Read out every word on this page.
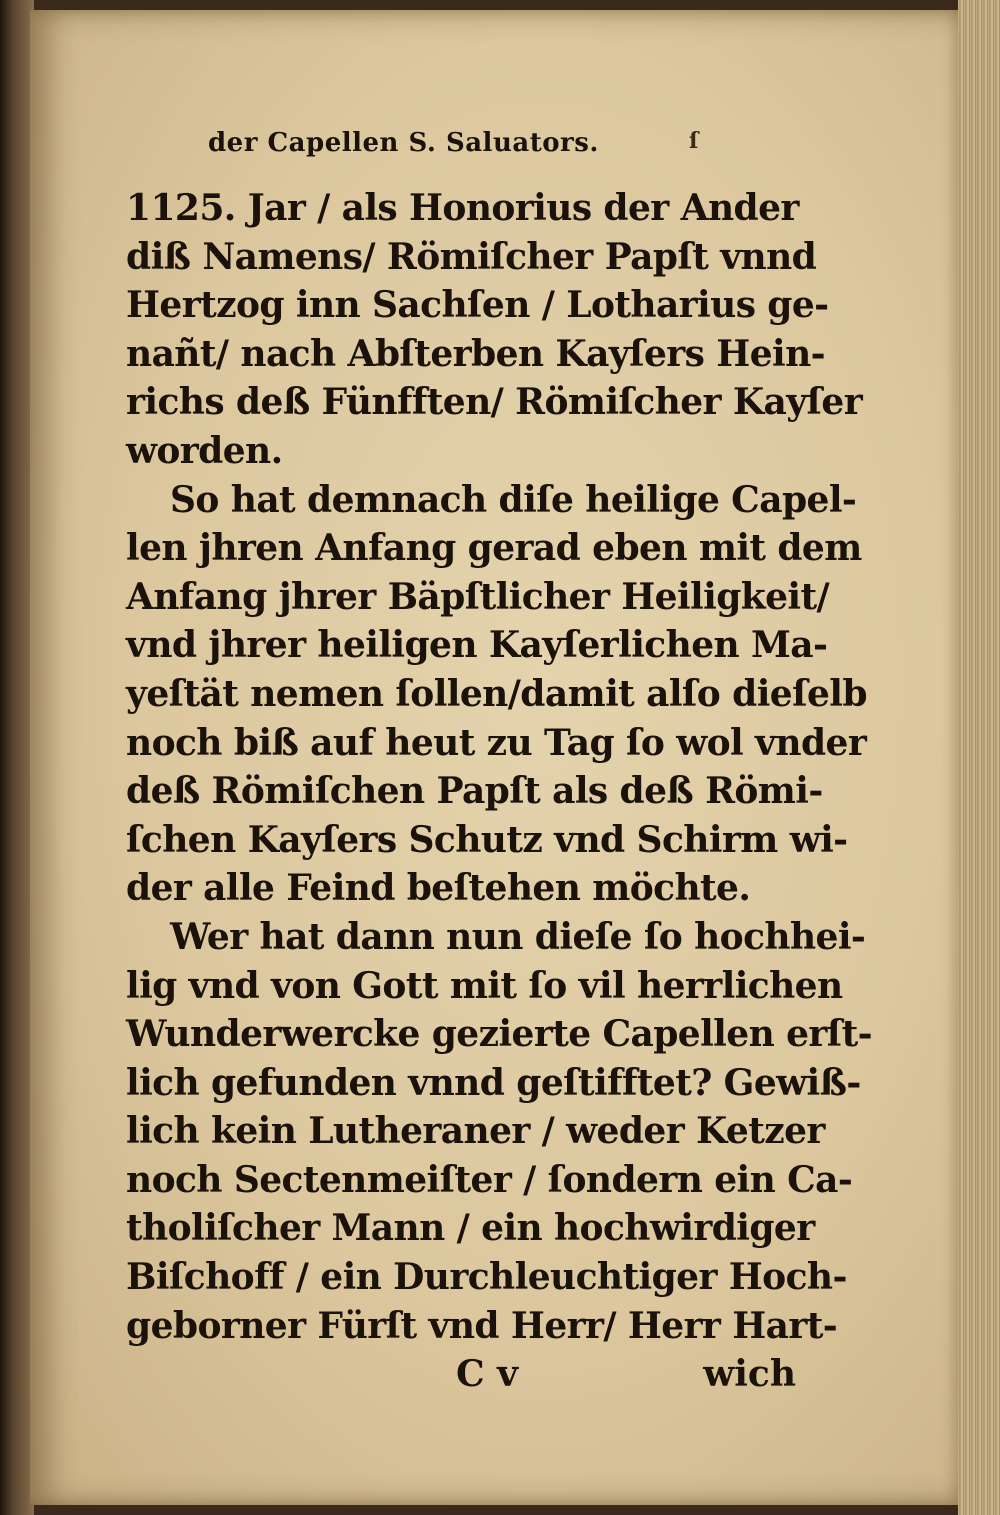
der Capellen S. Saluators.	ſ
1125. Jar / als Honorius der Ander
diß Namens/ Römiſcher Papſt vnnd
Hertzog inn Sachſen / Lotharius ge-
nañt/ nach Abſterben Kayſers Hein-
richs deß Fünfften/ Römiſcher Kayſer
worden.
So hat demnach diſe heilige Capel-
len jhren Anfang gerad eben mit dem
Anfang jhrer Bäpſtlicher Heiligkeit/
vnd jhrer heiligen Kayſerlichen Ma-
yeſtät nemen ſollen/damit alſo dieſelb
noch biß auf heut zu Tag ſo wol vnder
deß Römiſchen Papſt als deß Römi-
ſchen Kayſers Schutz vnd Schirm wi-
der alle Feind beſtehen möchte.
Wer hat dann nun dieſe ſo hochhei-
lig vnd von Gott mit ſo vil herrlichen
Wunderwercke gezierte Capellen erſt-
lich gefunden vnnd geſtifftet? Gewiß-
lich kein Lutheraner / weder Ketzer
noch Sectenmeiſter / ſondern ein Ca-
tholiſcher Mann / ein hochwirdiger
Biſchoff / ein Durchleuchtiger Hoch-
geborner Fürſt vnd Herr/ Herr Hart-
C v	wich
